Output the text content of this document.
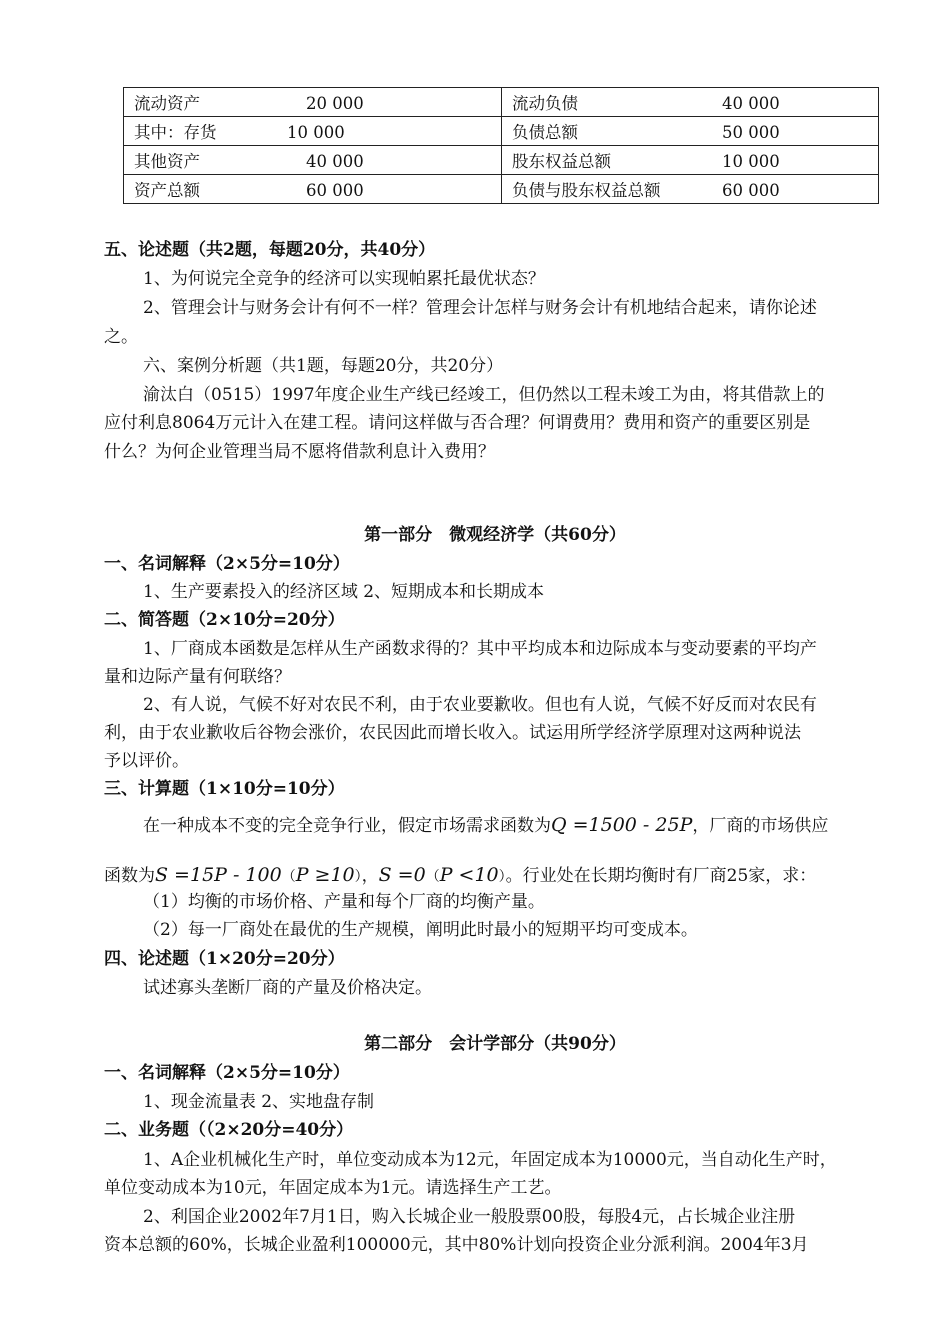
流动资产 20 000	流动负债 40 000
其中：存货 10 000	负债总额 50 000
其他资产 40 000	股东权益总额 10 000
资产总额 60 000	负债与股东权益总额 60 000
五、论述题（共2题，每题20分，共40分）
1、为何说完全竞争的经济可以实现帕累托最优状态？
2、管理会计与财务会计有何不一样？管理会计怎样与财务会计有机地结合起来，请你论述
之。
六、案例分析题（共1题，每题20分，共20分）
渝汰白（0515）1997年度企业生产线已经竣工，但仍然以工程未竣工为由，将其借款上的
应付利息8064万元计入在建工程。请问这样做与否合理？何谓费用？费用和资产的重要区别是
什么？为何企业管理当局不愿将借款利息计入费用？
第一部分　微观经济学（共60分）
一、名词解释（2×5分=10分）
1、生产要素投入的经济区域 2、短期成本和长期成本
二、简答题（2×10分=20分）
1、厂商成本函数是怎样从生产函数求得的？其中平均成本和边际成本与变动要素的平均产
量和边际产量有何联络？
2、有人说，气候不好对农民不利，由于农业要歉收。但也有人说，气候不好反而对农民有
利，由于农业歉收后谷物会涨价，农民因此而增长收入。试运用所学经济学原理对这两种说法
予以评价。
三、计算题（1×10分=10分）
在一种成本不变的完全竞争行业，假定市场需求函数为Q =1500 - 25P，厂商的市场供应
函数为S =15P - 100（P ≥10），S =0（P <10）。行业处在长期均衡时有厂商25家，求：
（1）均衡的市场价格、产量和每个厂商的均衡产量。
（2）每一厂商处在最优的生产规模，阐明此时最小的短期平均可变成本。
四、论述题（1×20分=20分）
试述寡头垄断厂商的产量及价格决定。
第二部分　会计学部分（共90分）
一、名词解释（2×5分=10分）
1、现金流量表 2、实地盘存制
二、业务题（（2×20分=40分）
1、A企业机械化生产时，单位变动成本为12元，年固定成本为10000元，当自动化生产时，
单位变动成本为10元，年固定成本为1元。请选择生产工艺。
2、利国企业2002年7月1日，购入长城企业一般股票00股，每股4元，占长城企业注册
资本总额的60%，长城企业盈利100000元，其中80%计划向投资企业分派利润。2004年3月
